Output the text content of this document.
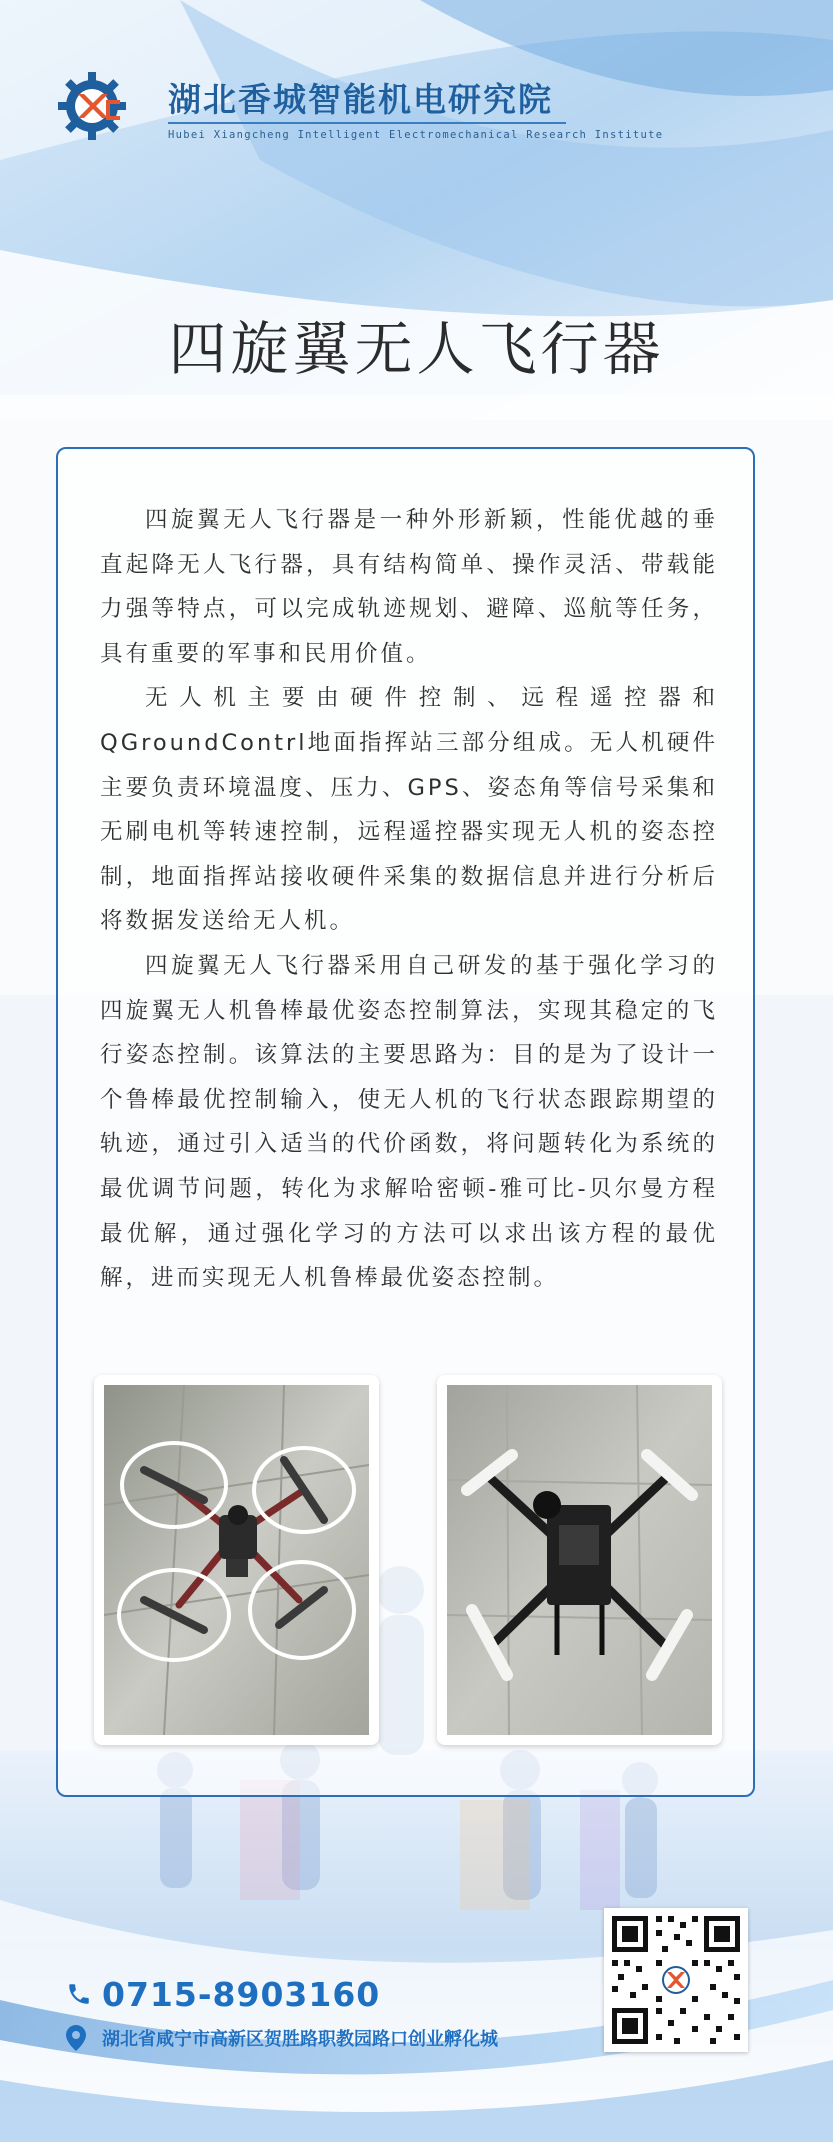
湖北香城智能机电研究院
Hubei Xiangcheng Intelligent Electromechanical Research Institute
四旋翼无人飞行器

四旋翼无人飞行器是一种外形新颖，性能优越的垂直起降无人飞行器，具有结构简单、操作灵活、带载能力强等特点，可以完成轨迹规划、避障、巡航等任务，具有重要的军事和民用价值。

无人机主要由硬件控制、远程遥控器和QGroundContrl地面指挥站三部分组成。无人机硬件主要负责环境温度、压力、GPS、姿态角等信号采集和无刷电机等转速控制，远程遥控器实现无人机的姿态控制，地面指挥站接收硬件采集的数据信息并进行分析后将数据发送给无人机。

四旋翼无人飞行器采用自己研发的基于强化学习的四旋翼无人机鲁棒最优姿态控制算法，实现其稳定的飞行姿态控制。该算法的主要思路为：目的是为了设计一个鲁棒最优控制输入，使无人机的飞行状态跟踪期望的轨迹，通过引入适当的代价函数，将问题转化为系统的最优调节问题，转化为求解哈密顿-雅可比-贝尔曼方程最优解，通过强化学习的方法可以求出该方程的最优解，进而实现无人机鲁棒最优姿态控制。

0715-8903160
湖北省咸宁市高新区贺胜路职教园路口创业孵化城
